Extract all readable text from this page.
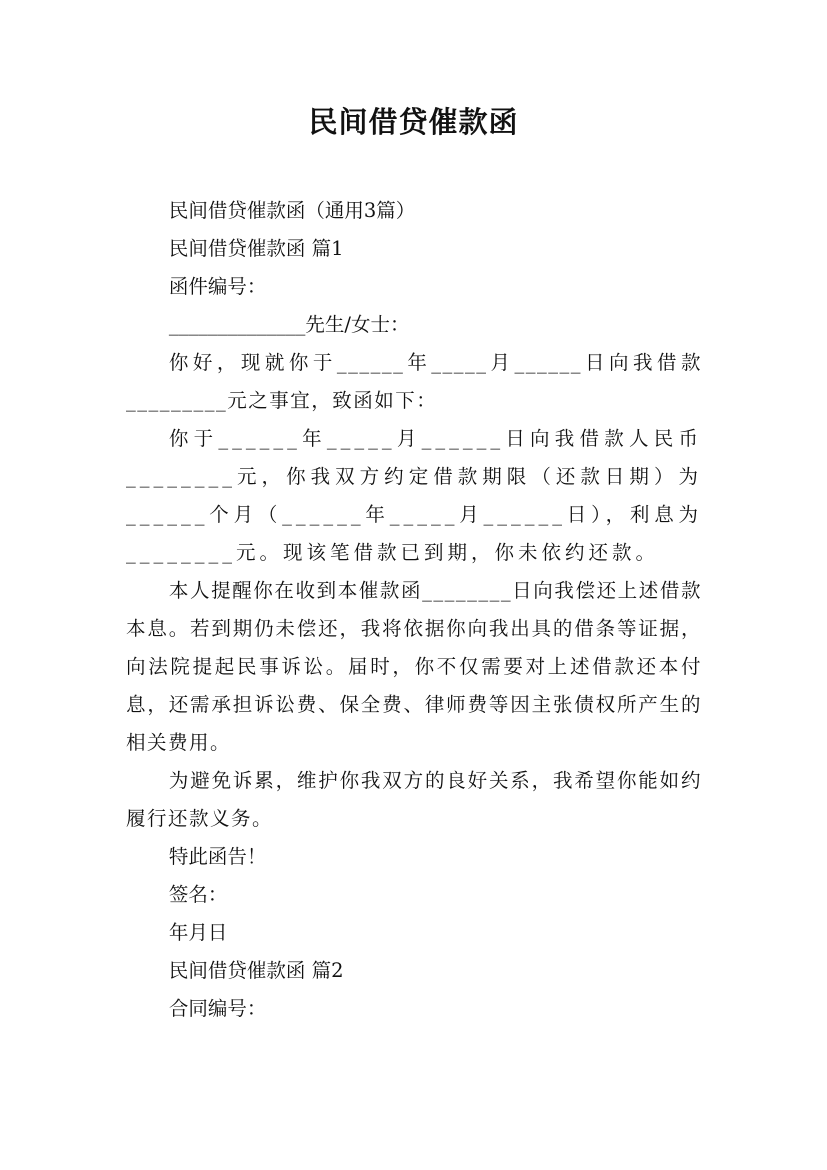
民间借贷催款函

民间借贷催款函（通用3篇）

民间借贷催款函 篇1

函件编号：

______________先生/女士：

你好，现就你于______年_____月______日向我借款_________元之事宜，致函如下：

你于______年_____月______日向我借款人民币________元，你我双方约定借款期限（还款日期）为______个月（______年_____月______日），利息为________元。现该笔借款已到期，你未依约还款。

本人提醒你在收到本催款函________日向我偿还上述借款本息。若到期仍未偿还，我将依据你向我出具的借条等证据，向法院提起民事诉讼。届时，你不仅需要对上述借款还本付息，还需承担诉讼费、保全费、律师费等因主张债权所产生的相关费用。

为避免诉累，维护你我双方的良好关系，我希望你能如约履行还款义务。

特此函告！

签名：

年月日

民间借贷催款函 篇2

合同编号：
